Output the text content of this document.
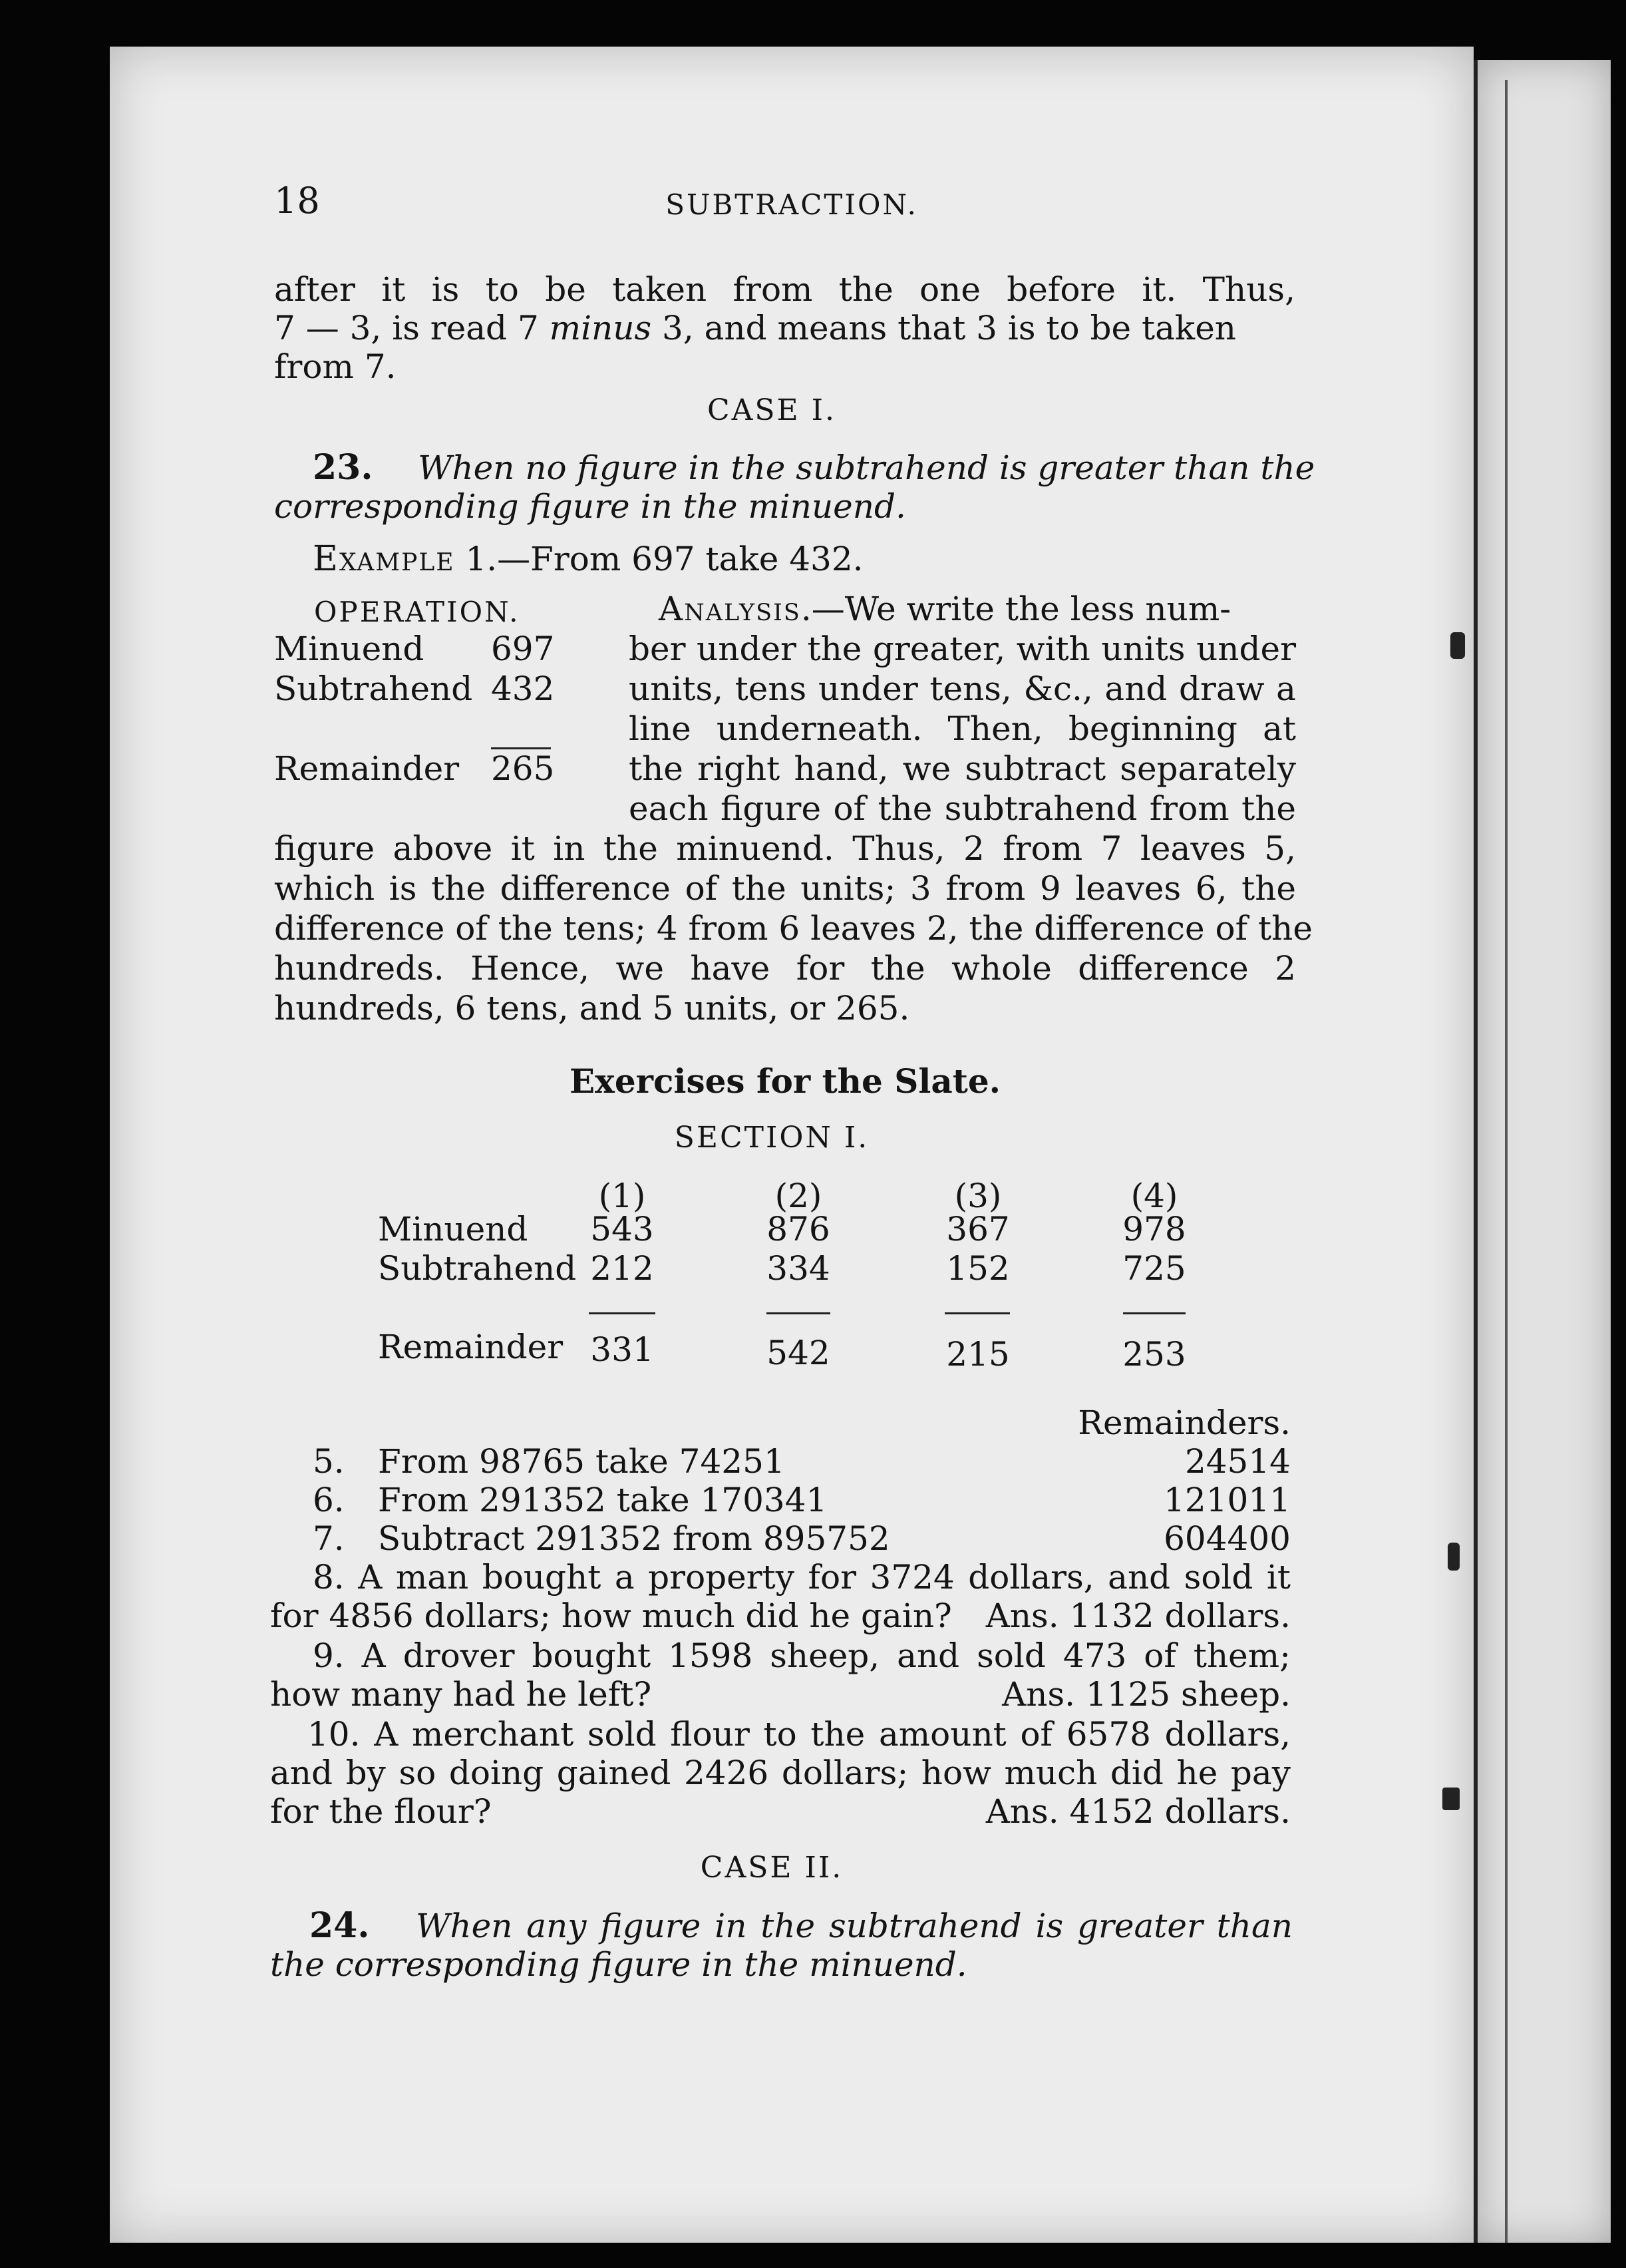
18	SUBTRACTION.
after it is to be taken from the one before it. Thus,
7 — 3, is read 7 minus 3, and means that 3 is to be taken
from 7.
CASE I.
23. When no figure in the subtrahend is greater than the
corresponding figure in the minuend.
Example 1.—From 697 take 432.
OPERATION.
Minuend 697
Subtrahend 432
Remainder 265
Analysis.—We write the less num-
ber under the greater, with units under
units, tens under tens, &c., and draw a
line underneath. Then, beginning at
the right hand, we subtract separately
each figure of the subtrahend from the
figure above it in the minuend. Thus, 2 from 7 leaves 5,
which is the difference of the units; 3 from 9 leaves 6, the
difference of the tens; 4 from 6 leaves 2, the difference of the
hundreds. Hence, we have for the whole difference 2
hundreds, 6 tens, and 5 units, or 265.
Exercises for the Slate.
SECTION I.
(1)	(2)	(3)	(4)
Minuend 543	876	367	978
Subtrahend 212	334	152	725
Remainder 331	542	215	253
Remainders.
5. From 98765 take 74251	24514
6. From 291352 take 170341	121011
7. Subtract 291352 from 895752	604400
8. A man bought a property for 3724 dollars, and sold it
for 4856 dollars; how much did he gain?	Ans. 1132 dollars.
9. A drover bought 1598 sheep, and sold 473 of them;
how many had he left?	Ans. 1125 sheep.
10. A merchant sold flour to the amount of 6578 dollars,
and by so doing gained 2426 dollars; how much did he pay
for the flour?	Ans. 4152 dollars.
CASE II.
24. When any figure in the subtrahend is greater than
the corresponding figure in the minuend.
